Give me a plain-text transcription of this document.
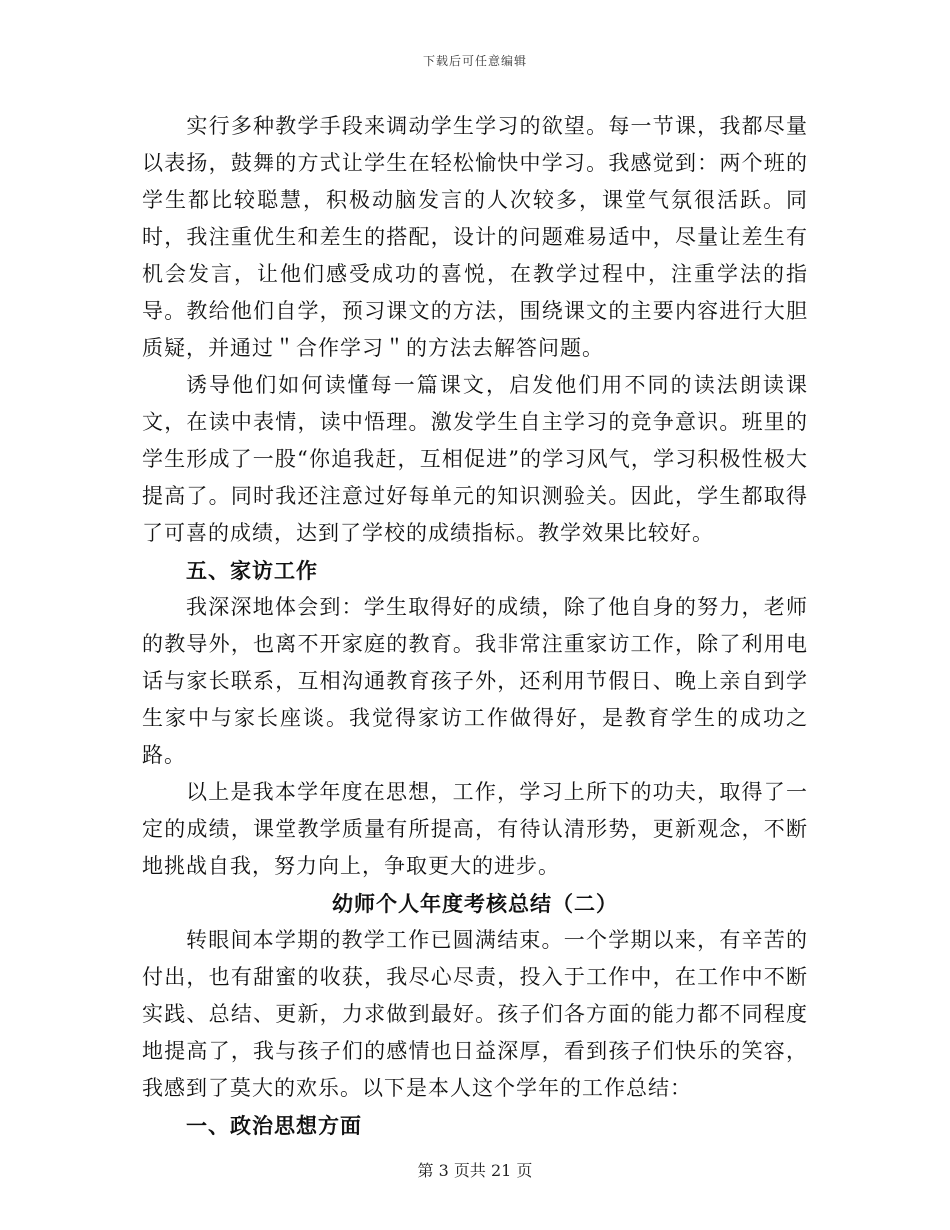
下载后可任意编辑

　　实行多种教学手段来调动学生学习的欲望。每一节课，我都尽量以表扬，鼓舞的方式让学生在轻松愉快中学习。我感觉到：两个班的学生都比较聪慧，积极动脑发言的人次较多，课堂气氛很活跃。同时，我注重优生和差生的搭配，设计的问题难易适中，尽量让差生有机会发言，让他们感受成功的喜悦，在教学过程中，注重学法的指导。教给他们自学，预习课文的方法，围绕课文的主要内容进行大胆质疑，并通过＂合作学习＂的方法去解答问题。

诱导他们如何读懂每一篇课文，启发他们用不同的读法朗读课文，在读中表情，读中悟理。激发学生自主学习的竞争意识。班里的学生形成了一股“你追我赶，互相促进”的学习风气，学习积极性极大提高了。同时我还注意过好每单元的知识测验关。因此，学生都取得了可喜的成绩，达到了学校的成绩指标。教学效果比较好。

五、家访工作

我深深地体会到：学生取得好的成绩，除了他自身的努力，老师的教导外，也离不开家庭的教育。我非常注重家访工作，除了利用电话与家长联系，互相沟通教育孩子外，还利用节假日、晚上亲自到学生家中与家长座谈。我觉得家访工作做得好，是教育学生的成功之路。

以上是我本学年度在思想，工作，学习上所下的功夫，取得了一定的成绩，课堂教学质量有所提高，有待认清形势，更新观念，不断地挑战自我，努力向上，争取更大的进步。

幼师个人年度考核总结（二）

转眼间本学期的教学工作已圆满结束。一个学期以来，有辛苦的付出，也有甜蜜的收获，我尽心尽责，投入于工作中，在工作中不断实践、总结、更新，力求做到最好。孩子们各方面的能力都不同程度地提高了，我与孩子们的感情也日益深厚，看到孩子们快乐的笑容，我感到了莫大的欢乐。以下是本人这个学年的工作总结：

一、政治思想方面

第 3 页共 21 页
